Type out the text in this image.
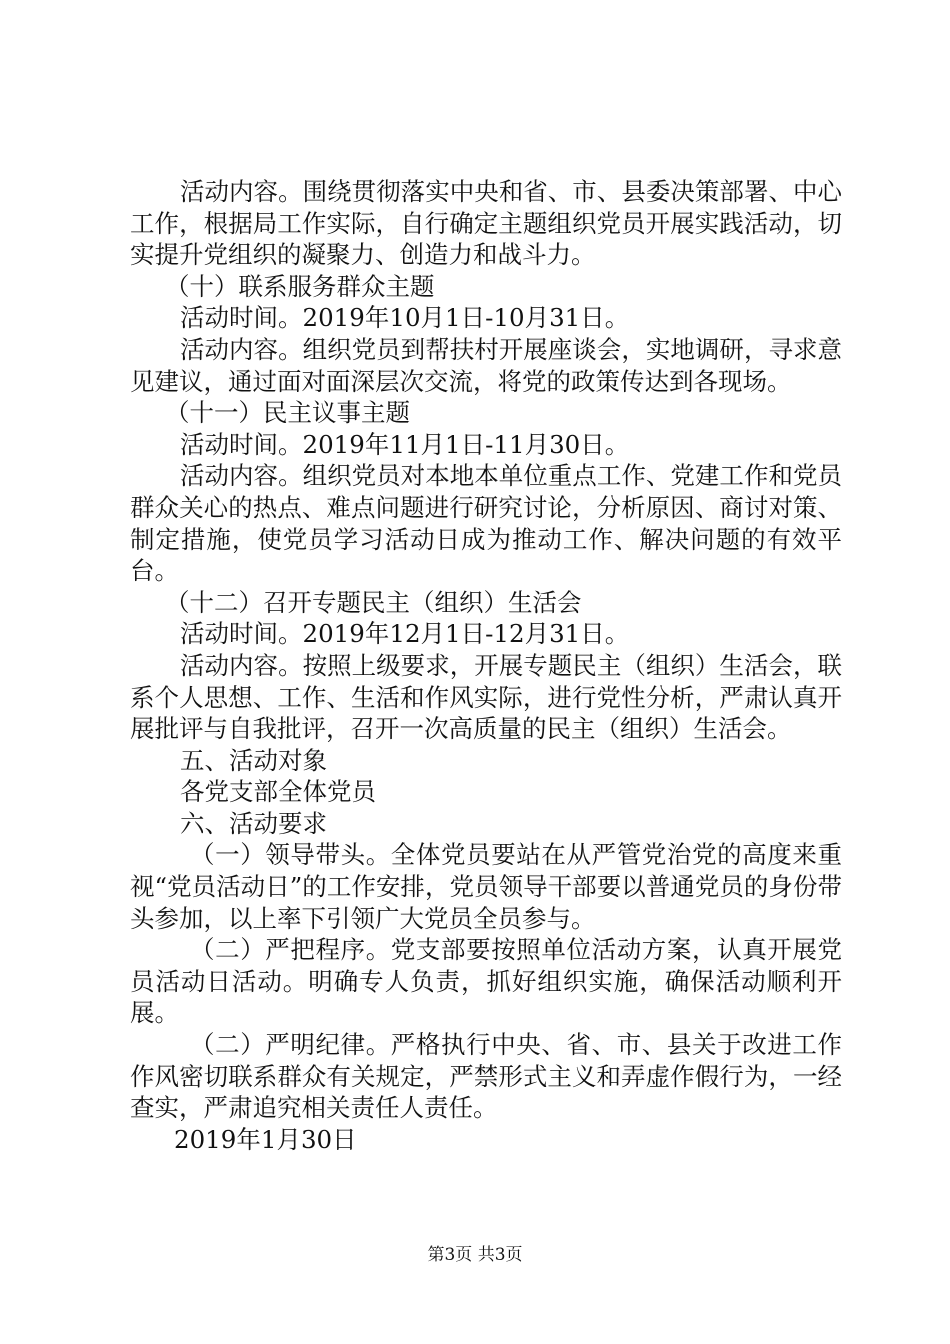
活动内容。围绕贯彻落实中央和省、市、县委决策部署、中心工作，根据局工作实际，自行确定主题组织党员开展实践活动，切实提升党组织的凝聚力、创造力和战斗力。

（十）联系服务群众主题

活动时间。2019年10月1日-10月31日。

活动内容。组织党员到帮扶村开展座谈会，实地调研，寻求意见建议，通过面对面深层次交流，将党的政策传达到各现场。

（十一）民主议事主题

活动时间。2019年11月1日-11月30日。

活动内容。组织党员对本地本单位重点工作、党建工作和党员群众关心的热点、难点问题进行研究讨论，分析原因、商讨对策、制定措施，使党员学习活动日成为推动工作、解决问题的有效平台。

（十二）召开专题民主（组织）生活会

活动时间。2019年12月1日-12月31日。

活动内容。按照上级要求，开展专题民主（组织）生活会，联系个人思想、工作、生活和作风实际，进行党性分析，严肃认真开展批评与自我批评，召开一次高质量的民主（组织）生活会。

五、活动对象

各党支部全体党员

六、活动要求

（一）领导带头。全体党员要站在从严管党治党的高度来重视“党员活动日”的工作安排，党员领导干部要以普通党员的身份带头参加，以上率下引领广大党员全员参与。

（二）严把程序。党支部要按照单位活动方案，认真开展党员活动日活动。明确专人负责，抓好组织实施，确保活动顺利开展。

（二）严明纪律。严格执行中央、省、市、县关于改进工作作风密切联系群众有关规定，严禁形式主义和弄虚作假行为，一经查实，严肃追究相关责任人责任。

2019年1月30日

第3页 共3页
